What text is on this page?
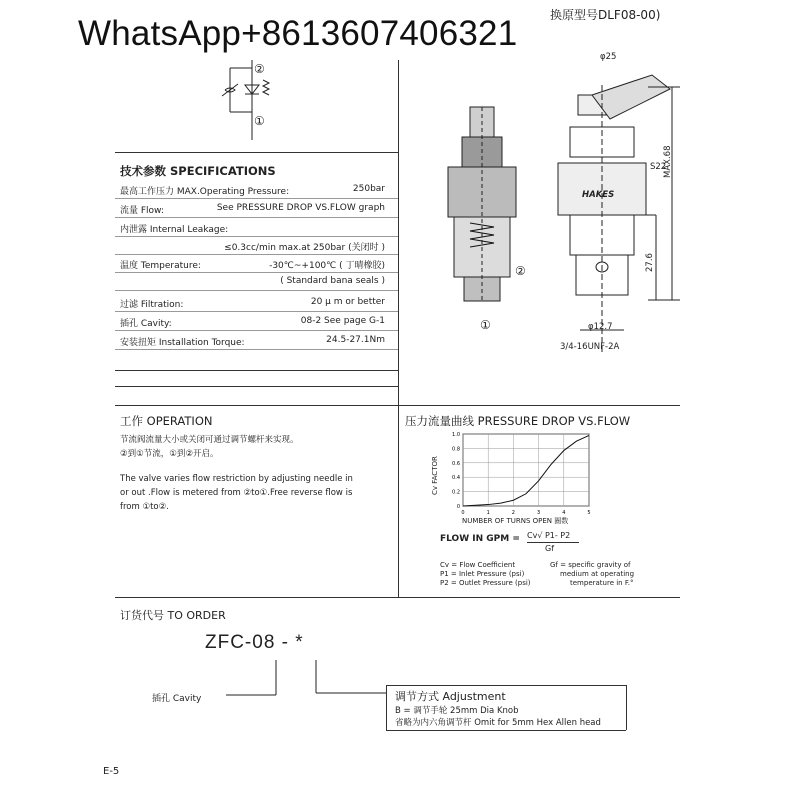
WhatsApp+8613607406321	换原型号DLF08-00)
②
①
技术参数 SPECIFICATIONS
最高工作压力 MAX.Operating Pressure:	250bar
流量 Flow:	See PRESSURE DROP VS.FLOW graph
内泄露 Internal Leakage:
≤0.3cc/min max.at 250bar (关闭时 )
温度 Temperature:	-30℃~+100℃ ( 丁晴橡胶)
( Standard bana seals )
过滤 Filtration:	20 μ m or better
插孔 Cavity:	08-2 See page G-1
安装扭矩 Installation Torque:	24.5-27.1Nm
②
①
φ25
S22
HAKES
MAX.68
27.6
φ12.7
3/4-16UNF-2A
工作 OPERATION
节流阀流量大小或关闭可通过调节螺杆来实现。
②到①节流，①到②开启。
The valve varies flow restriction by adjusting needle in
or out .Flow is metered from ②to①.Free reverse flow is
from ①to②.
压力流量曲线 PRESSURE DROP VS.FLOW
0	1	2	3	4	5
0
0.2
0.4
0.6
0.8
1.0
NUMBER OF TURNS OPEN 圈数
Cv FACTOR
FLOW IN GPM = Cv√ P1- P2
Gf
Cv = Flow Coefficient
P1 = Inlet Pressure (psi)
P2 = Outlet Pressure (psi)
Gf = specific gravity of
medium at operating
temperature in F.°
订货代号 TO ORDER
ZFC-08 - *
插孔 Cavity	调节方式 Adjustment
B = 调节手轮 25mm Dia Knob
省略为内六角调节杆 Omit for 5mm Hex Allen head
E-5
